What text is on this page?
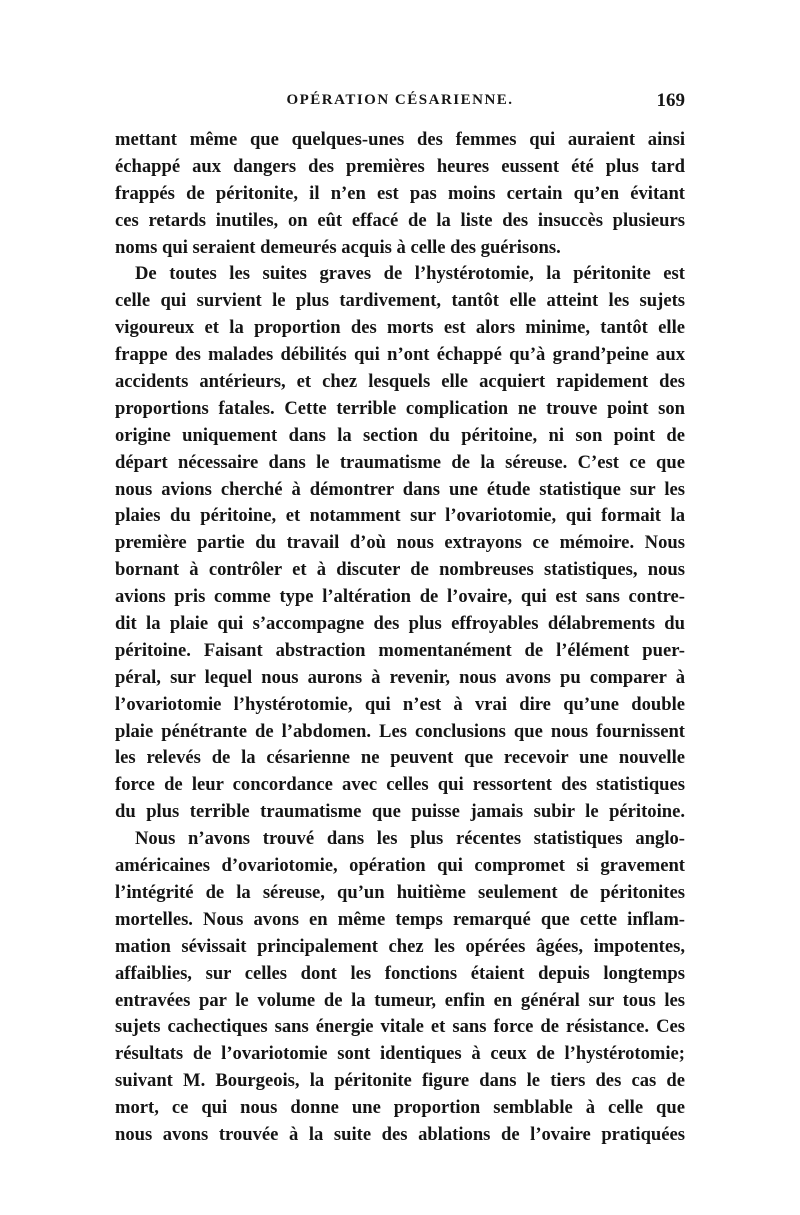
OPÉRATION CÉSARIENNE.	169
mettant même que quelques-unes des femmes qui auraient ainsi
échappé aux dangers des premières heures eussent été plus tard
frappés de péritonite, il n’en est pas moins certain qu’en évitant
ces retards inutiles, on eût effacé de la liste des insuccès plusieurs
noms qui seraient demeurés acquis à celle des guérisons.
De toutes les suites graves de l’hystérotomie, la péritonite est
celle qui survient le plus tardivement, tantôt elle atteint les sujets
vigoureux et la proportion des morts est alors minime, tantôt elle
frappe des malades débilités qui n’ont échappé qu’à grand’peine aux
accidents antérieurs, et chez lesquels elle acquiert rapidement des
proportions fatales. Cette terrible complication ne trouve point son
origine uniquement dans la section du péritoine, ni son point de
départ nécessaire dans le traumatisme de la séreuse. C’est ce que
nous avions cherché à démontrer dans une étude statistique sur les
plaies du péritoine, et notamment sur l’ovariotomie, qui formait la
première partie du travail d’où nous extrayons ce mémoire. Nous
bornant à contrôler et à discuter de nombreuses statistiques, nous
avions pris comme type l’altération de l’ovaire, qui est sans contre-
dit la plaie qui s’accompagne des plus effroyables délabrements du
péritoine. Faisant abstraction momentanément de l’élément puer-
péral, sur lequel nous aurons à revenir, nous avons pu comparer à
l’ovariotomie l’hystérotomie, qui n’est à vrai dire qu’une double
plaie pénétrante de l’abdomen. Les conclusions que nous fournissent
les relevés de la césarienne ne peuvent que recevoir une nouvelle
force de leur concordance avec celles qui ressortent des statistiques
du plus terrible traumatisme que puisse jamais subir le péritoine.
Nous n’avons trouvé dans les plus récentes statistiques anglo-
américaines d’ovariotomie, opération qui compromet si gravement
l’intégrité de la séreuse, qu’un huitième seulement de péritonites
mortelles. Nous avons en même temps remarqué que cette inflam-
mation sévissait principalement chez les opérées âgées, impotentes,
affaiblies, sur celles dont les fonctions étaient depuis longtemps
entravées par le volume de la tumeur, enfin en général sur tous les
sujets cachectiques sans énergie vitale et sans force de résistance. Ces
résultats de l’ovariotomie sont identiques à ceux de l’hystérotomie;
suivant M. Bourgeois, la péritonite figure dans le tiers des cas de
mort, ce qui nous donne une proportion semblable à celle que
nous avons trouvée à la suite des ablations de l’ovaire pratiquées
